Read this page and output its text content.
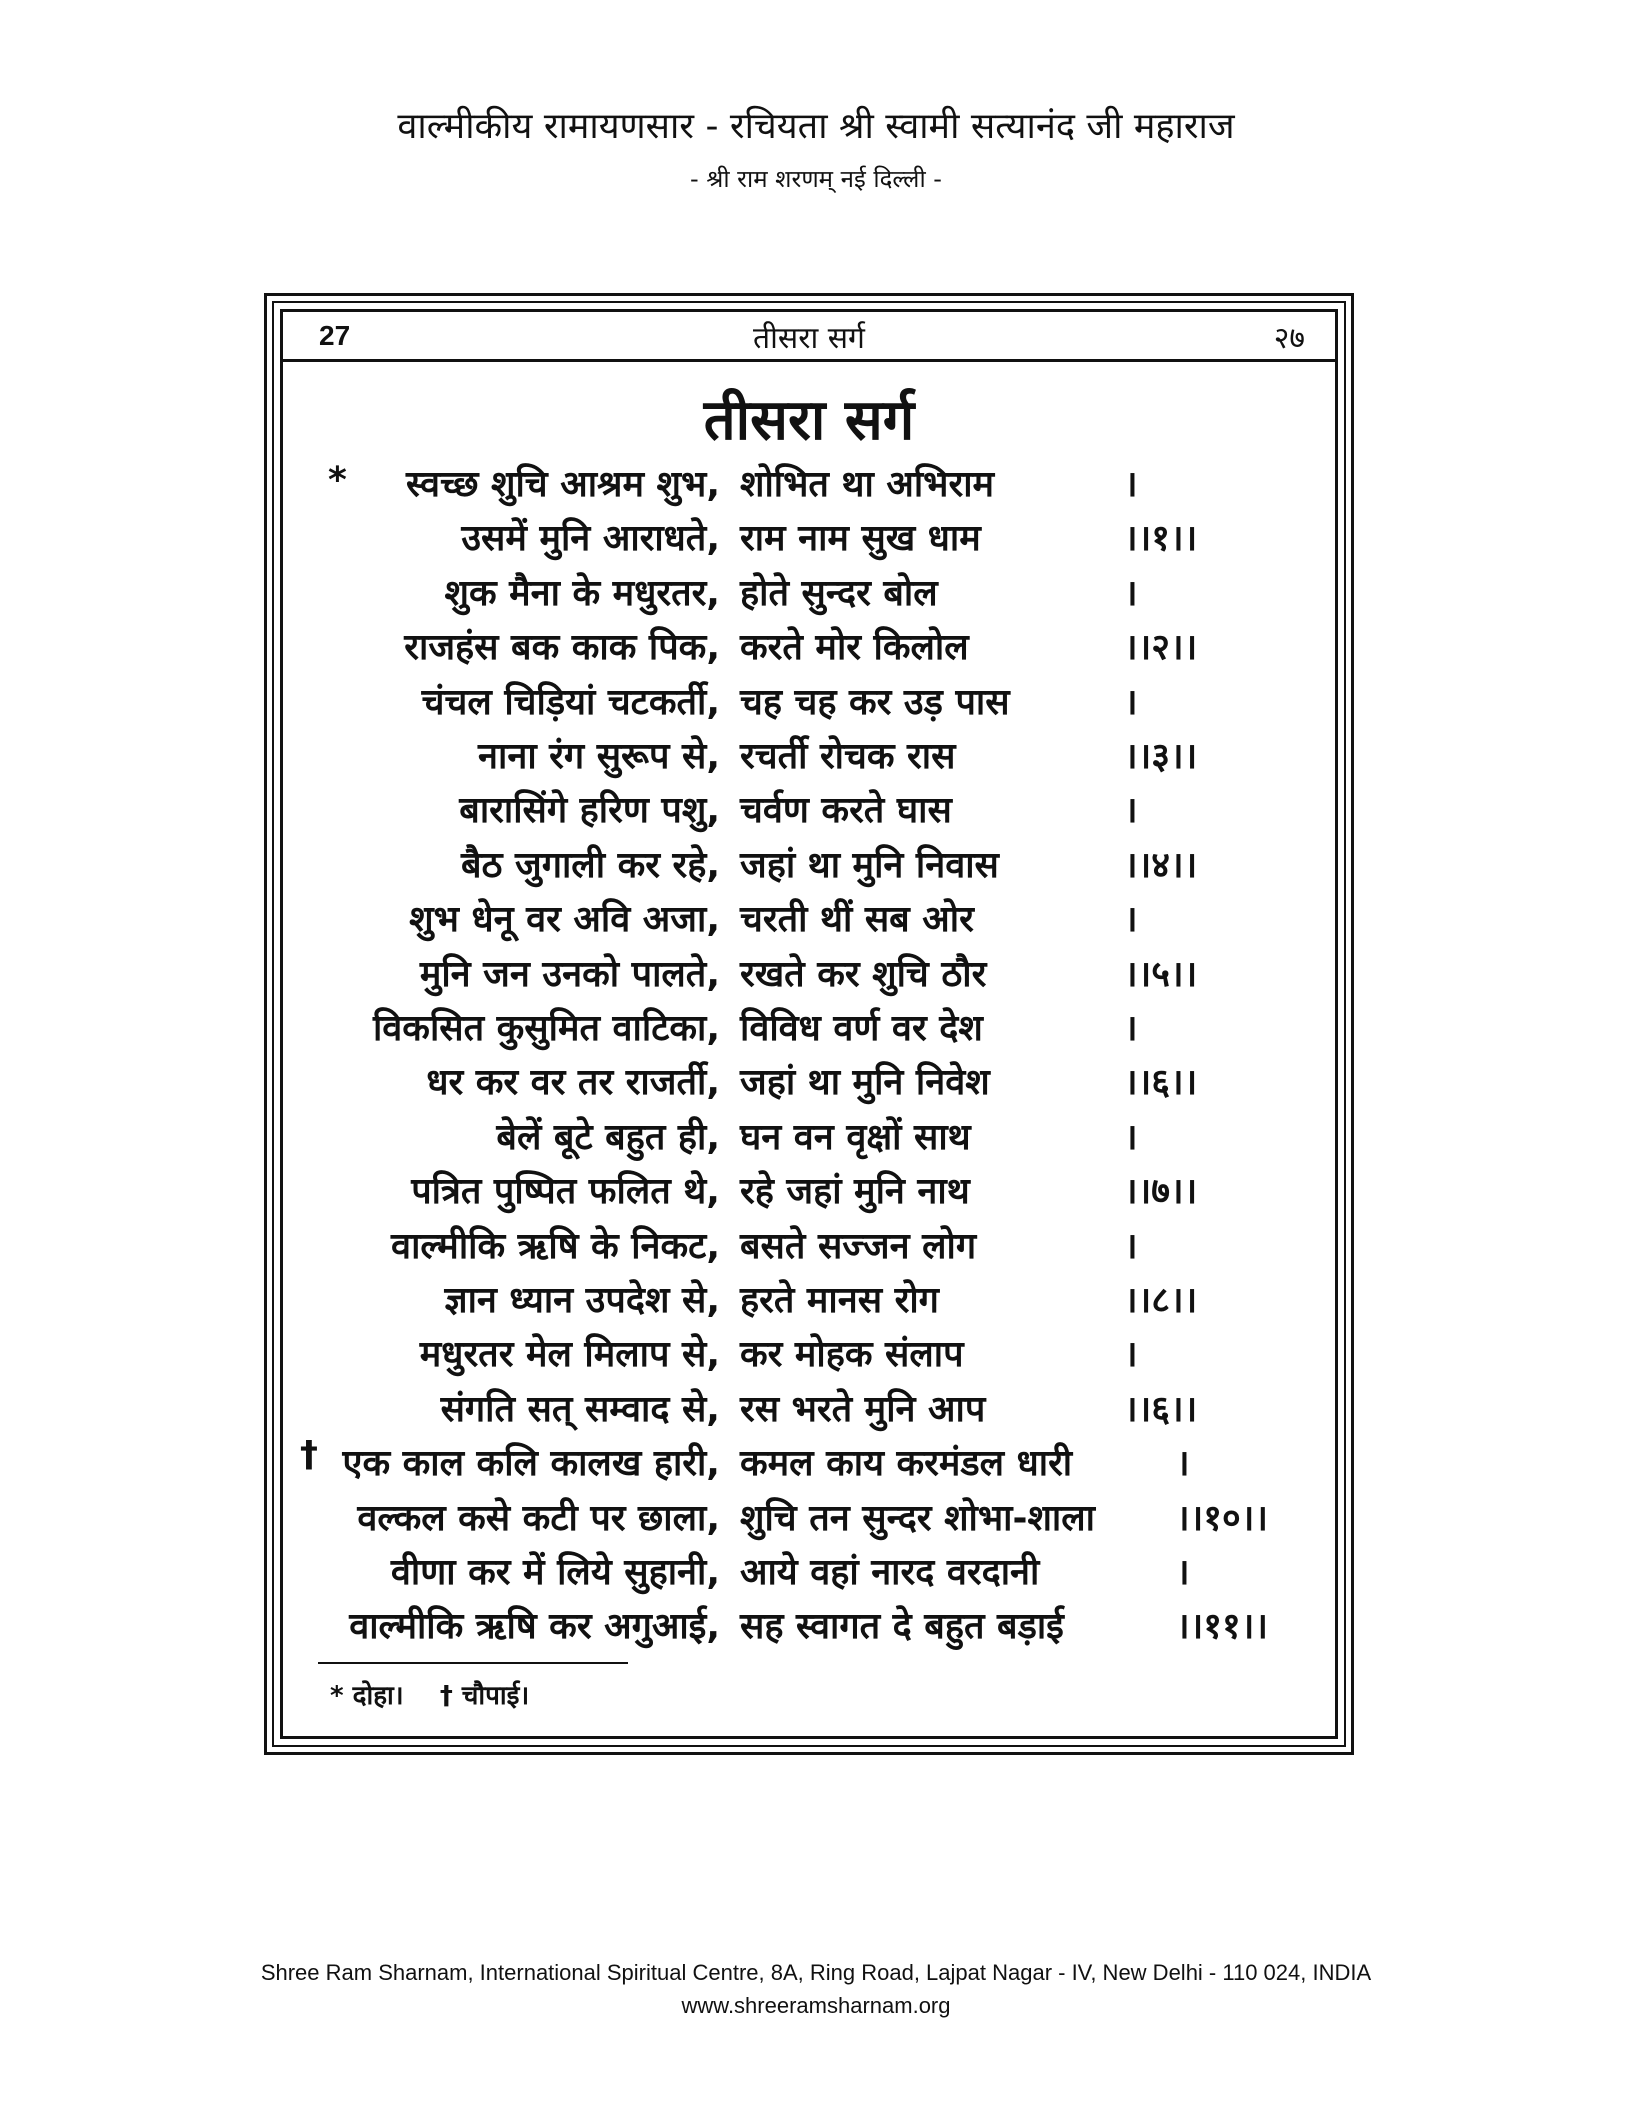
वाल्मीकीय रामायणसार - रचियता श्री स्वामी सत्यानंद जी महाराज
- श्री राम शरणम् नई दिल्ली -
27	तीसरा सर्ग	२७
तीसरा सर्ग
स्वच्छ शुचि आश्रम शुभ, शोभित था अभिराम	।
उसमें मुनि आराधते, राम नाम सुख धाम	।।१।।
शुक मैना के मधुरतर, होते सुन्दर बोल	।
राजहंस बक काक पिक, करते मोर किलोल	।।२।।
चंचल चिड़ियां चटकर्ती, चह चह कर उड़ पास	।
नाना रंग सुरूप से, रचर्ती रोचक रास	।।३।।
बारासिंगे हरिण पशु, चर्वण करते घास	।
बैठ जुगाली कर रहे, जहां था मुनि निवास	।।४।।
शुभ धेनू वर अवि अजा, चरती थीं सब ओर	।
मुनि जन उनको पालते, रखते कर शुचि ठौर	।।५।।
विकसित कुसुमित वाटिका, विविध वर्ण वर देश	।
धर कर वर तर राजर्ती, जहां था मुनि निवेश	।।६।।
बेलें बूटे बहुत ही, घन वन वृक्षों साथ	।
पत्रित पुष्पित फलित थे, रहे जहां मुनि नाथ	।।७।।
वाल्मीकि ऋषि के निकट, बसते सज्जन लोग	।
ज्ञान ध्यान उपदेश से, हरते मानस रोग	।।८।।
मधुरतर मेल मिलाप से, कर मोहक संलाप	।
संगति सत् सम्वाद से, रस भरते मुनि आप	।।६।।
एक काल कलि कालख हारी, कमल काय करमंडल धारी	।
वल्कल कसे कटी पर छाला, शुचि तन सुन्दर शोभा-शाला	।।१०।।
वीणा कर में लिये सुहानी, आये वहां नारद वरदानी	।
वाल्मीकि ऋषि कर अगुआई, सह स्वागत दे बहुत बड़ाई	।।११।।
*
†
* दोहा। † चौपाई।
Shree Ram Sharnam, International Spiritual Centre, 8A, Ring Road, Lajpat Nagar - IV, New Delhi - 110 024, INDIA
www.shreeramsharnam.org
